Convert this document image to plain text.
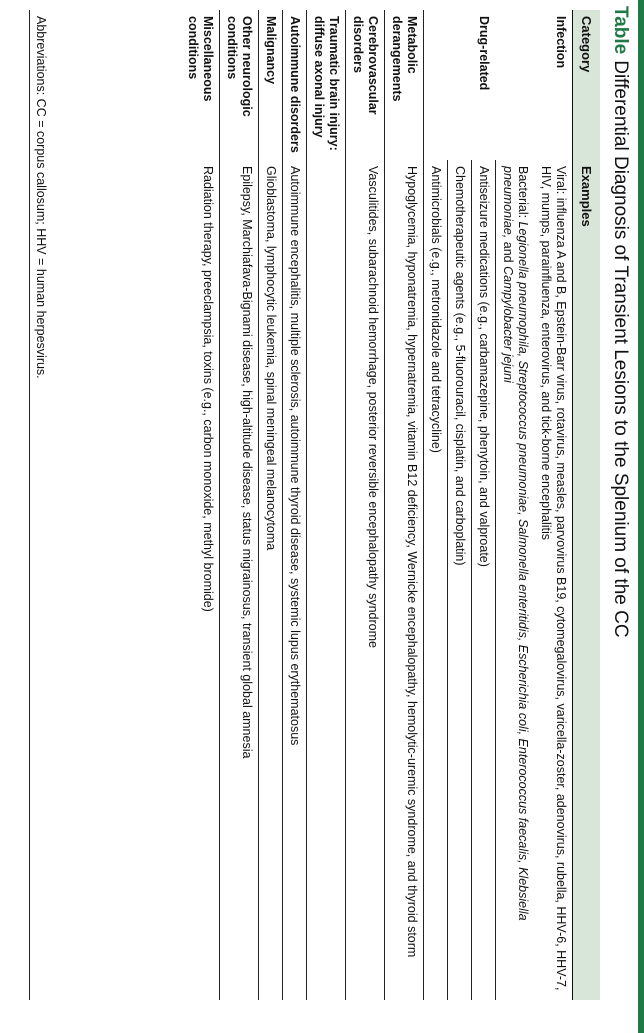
TableDifferential Diagnosis of Transient Lesions to the Splenium of the CC
Category	Examples
Infection	Viral: influenza A and B, Epstein-Barr virus, rotavirus, measles, parvovirus B19, cytomegalovirus, varicella-zoster, adenovirus, rubella, HHV-6, HHV-7, HIV, mumps, parainfluenza, enterovirus, and tick-borne encephalitis
	Bacterial: Legionella pneumophila, Streptococcus pneumoniae, Salmonella enteritidis, Escherichia coli, Enterococcus faecalis, Klebsiella pneumoniae, and Campylobacter jejuni
Drug-related	Antiseizure medications (e.g., carbamazepine, phenytoin, and valproate)
	Chemotherapeutic agents (e.g., 5-fluorouracil, cisplatin, and carboplatin)
	Antimicrobials (e.g., metronidazole and tetracycline)
Metabolic derangements	Hypoglycemia, hyponatremia, hypernatremia, vitamin B12 deficiency, Wernicke encephalopathy, hemolytic-uremic syndrome, and thyroid storm
Cerebrovascular disorders	Vasculitides, subarachnoid hemorrhage, posterior reversible encephalopathy syndrome
Traumatic brain injury: diffuse axonal injury	
Autoimmune disorders	Autoimmune encephalitis, multiple sclerosis, autoimmune thyroid disease, systemic lupus erythematosus
Malignancy	Glioblastoma, lymphocytic leukemia, spinal meningeal melanocytoma
Other neurologic conditions	Epilepsy, Marchiafava-Bignami disease, high-altitude disease, status migrainosus, transient global amnesia
Miscellaneous conditions	Radiation therapy, preeclampsia, toxins (e.g., carbon monoxide, methyl bromide)
Abbreviations: CC = corpus callosum; HHV = human herpesvirus.
